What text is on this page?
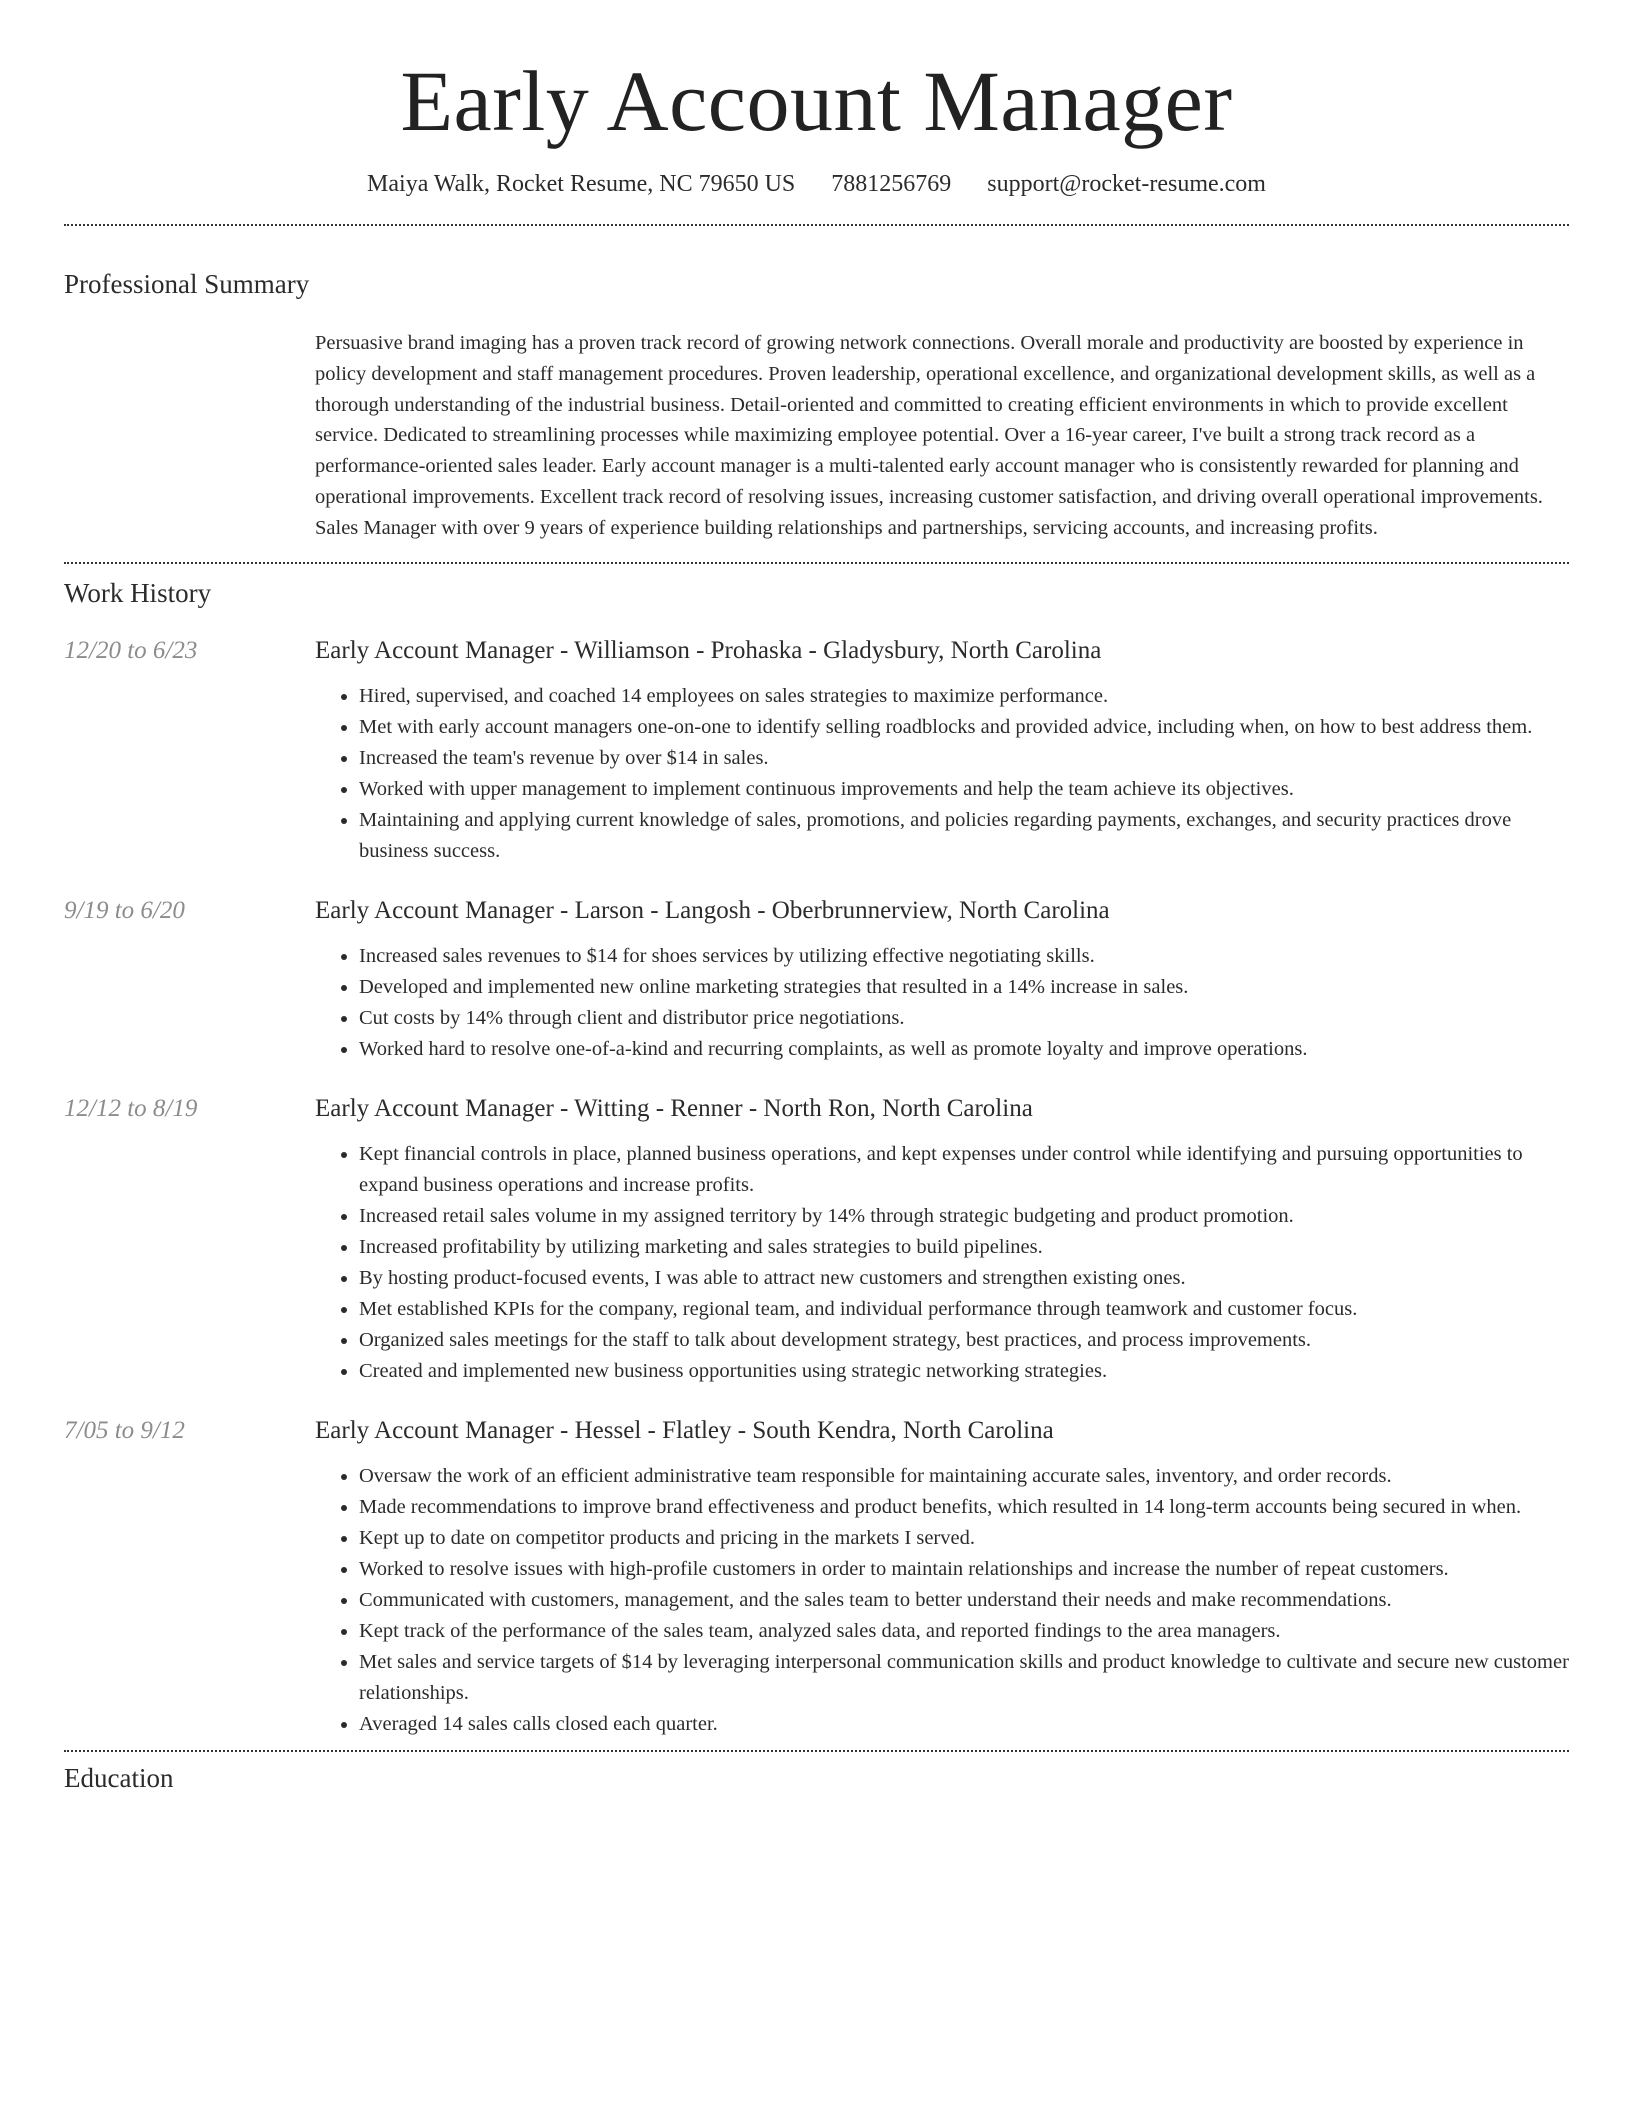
Early Account Manager
Maiya Walk, Rocket Resume, NC 79650 US 7881256769 support@rocket-resume.com
Professional Summary
Persuasive brand imaging has a proven track record of growing network connections. Overall morale and productivity are boosted by experience in policy development and staff management procedures. Proven leadership, operational excellence, and organizational development skills, as well as a thorough understanding of the industrial business. Detail-oriented and committed to creating efficient environments in which to provide excellent service. Dedicated to streamlining processes while maximizing employee potential. Over a 16-year career, I've built a strong track record as a performance-oriented sales leader. Early account manager is a multi-talented early account manager who is consistently rewarded for planning and operational improvements. Excellent track record of resolving issues, increasing customer satisfaction, and driving overall operational improvements. Sales Manager with over 9 years of experience building relationships and partnerships, servicing accounts, and increasing profits.
Work History
12/20 to 6/23	Early Account Manager - Williamson - Prohaska - Gladysbury, North Carolina
• Hired, supervised, and coached 14 employees on sales strategies to maximize performance.
• Met with early account managers one-on-one to identify selling roadblocks and provided advice, including when, on how to best address them.
• Increased the team's revenue by over $14 in sales.
• Worked with upper management to implement continuous improvements and help the team achieve its objectives.
• Maintaining and applying current knowledge of sales, promotions, and policies regarding payments, exchanges, and security practices drove business success.
9/19 to 6/20	Early Account Manager - Larson - Langosh - Oberbrunnerview, North Carolina
• Increased sales revenues to $14 for shoes services by utilizing effective negotiating skills.
• Developed and implemented new online marketing strategies that resulted in a 14% increase in sales.
• Cut costs by 14% through client and distributor price negotiations.
• Worked hard to resolve one-of-a-kind and recurring complaints, as well as promote loyalty and improve operations.
12/12 to 8/19	Early Account Manager - Witting - Renner - North Ron, North Carolina
• Kept financial controls in place, planned business operations, and kept expenses under control while identifying and pursuing opportunities to expand business operations and increase profits.
• Increased retail sales volume in my assigned territory by 14% through strategic budgeting and product promotion.
• Increased profitability by utilizing marketing and sales strategies to build pipelines.
• By hosting product-focused events, I was able to attract new customers and strengthen existing ones.
• Met established KPIs for the company, regional team, and individual performance through teamwork and customer focus.
• Organized sales meetings for the staff to talk about development strategy, best practices, and process improvements.
• Created and implemented new business opportunities using strategic networking strategies.
7/05 to 9/12	Early Account Manager - Hessel - Flatley - South Kendra, North Carolina
• Oversaw the work of an efficient administrative team responsible for maintaining accurate sales, inventory, and order records.
• Made recommendations to improve brand effectiveness and product benefits, which resulted in 14 long-term accounts being secured in when.
• Kept up to date on competitor products and pricing in the markets I served.
• Worked to resolve issues with high-profile customers in order to maintain relationships and increase the number of repeat customers.
• Communicated with customers, management, and the sales team to better understand their needs and make recommendations.
• Kept track of the performance of the sales team, analyzed sales data, and reported findings to the area managers.
• Met sales and service targets of $14 by leveraging interpersonal communication skills and product knowledge to cultivate and secure new customer relationships.
• Averaged 14 sales calls closed each quarter.
Education
